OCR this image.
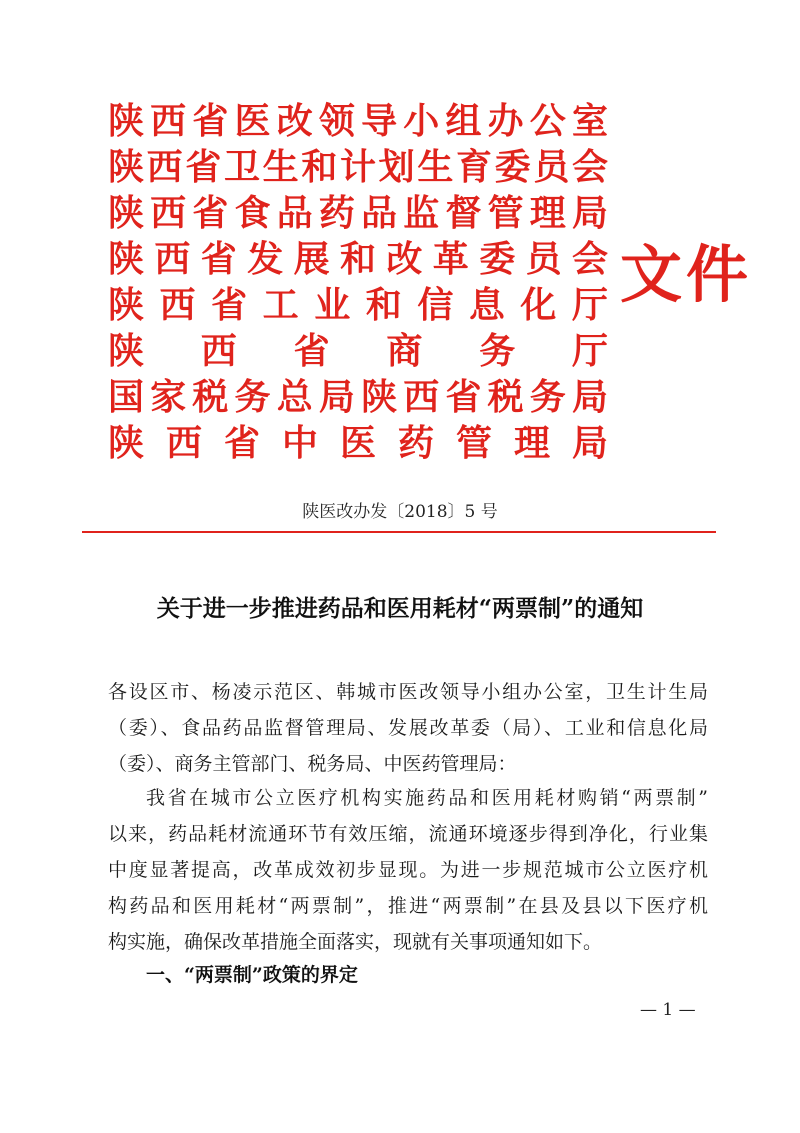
陕西省医改领导小组办公室
陕西省卫生和计划生育委员会
陕西省食品药品监督管理局
陕西省发展和改革委员会
陕西省工业和信息化厅
陕西省商务厅
国家税务总局陕西省税务局
陕西省中医药管理局
文件
陕医改办发〔2018〕5 号
关于进一步推进药品和医用耗材“两票制”的通知
各设区市、杨凌示范区、韩城市医改领导小组办公室，卫生计生局
（委）、食品药品监督管理局、发展改革委（局）、工业和信息化局
（委）、商务主管部门、税务局、中医药管理局：
我省在城市公立医疗机构实施药品和医用耗材购销“两票制”
以来，药品耗材流通环节有效压缩，流通环境逐步得到净化，行业集
中度显著提高，改革成效初步显现。为进一步规范城市公立医疗机
构药品和医用耗材“两票制”，推进“两票制”在县及县以下医疗机
构实施，确保改革措施全面落实，现就有关事项通知如下。
一、“两票制”政策的界定
— 1 —
